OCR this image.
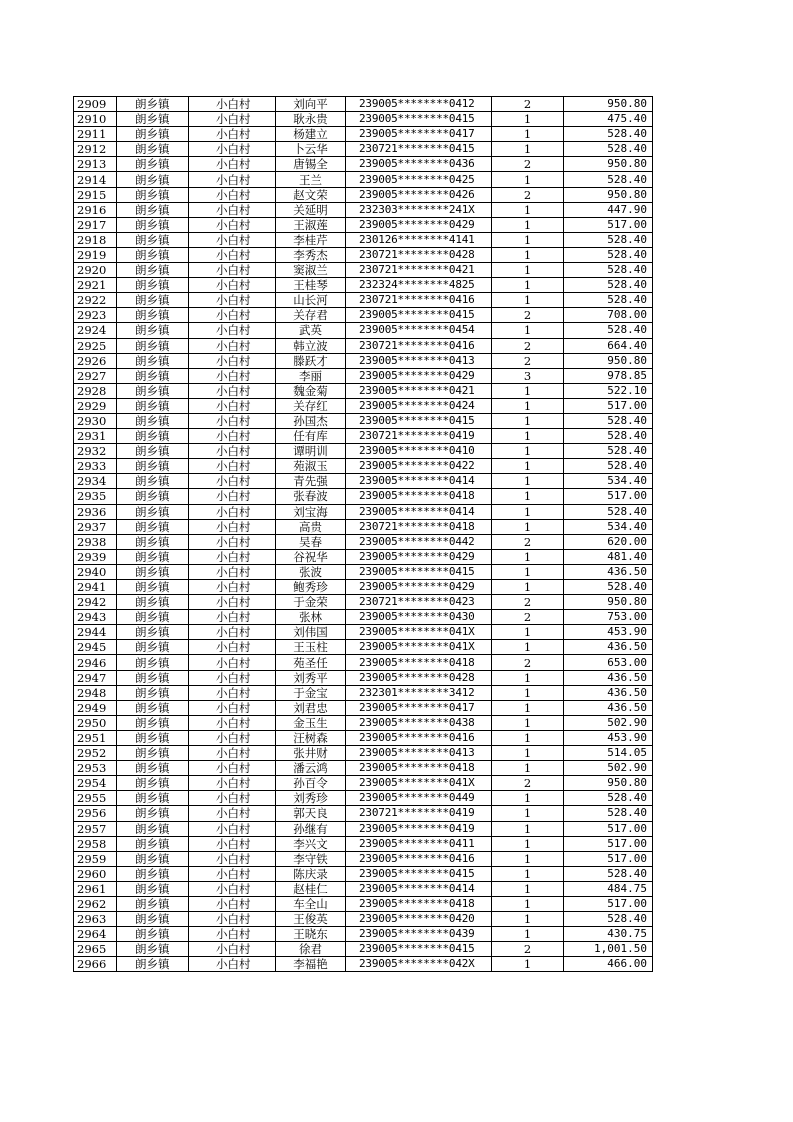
2909	朗乡镇	小白村	刘向平	239005********0412	2	950.80
2910	朗乡镇	小白村	耿永贵	239005********0415	1	475.40
2911	朗乡镇	小白村	杨建立	239005********0417	1	528.40
2912	朗乡镇	小白村	卜云华	230721********0415	1	528.40
2913	朗乡镇	小白村	唐锡全	239005********0436	2	950.80
2914	朗乡镇	小白村	王兰	239005********0425	1	528.40
2915	朗乡镇	小白村	赵文荣	239005********0426	2	950.80
2916	朗乡镇	小白村	关延明	232303********241X	1	447.90
2917	朗乡镇	小白村	王淑莲	239005********0429	1	517.00
2918	朗乡镇	小白村	李桂芹	230126********4141	1	528.40
2919	朗乡镇	小白村	李秀杰	230721********0428	1	528.40
2920	朗乡镇	小白村	窦淑兰	230721********0421	1	528.40
2921	朗乡镇	小白村	王桂琴	232324********4825	1	528.40
2922	朗乡镇	小白村	山长河	230721********0416	1	528.40
2923	朗乡镇	小白村	关存君	239005********0415	2	708.00
2924	朗乡镇	小白村	武英	239005********0454	1	528.40
2925	朗乡镇	小白村	韩立波	230721********0416	2	664.40
2926	朗乡镇	小白村	滕跃才	239005********0413	2	950.80
2927	朗乡镇	小白村	李丽	239005********0429	3	978.85
2928	朗乡镇	小白村	魏金菊	239005********0421	1	522.10
2929	朗乡镇	小白村	关存红	239005********0424	1	517.00
2930	朗乡镇	小白村	孙国杰	239005********0415	1	528.40
2931	朗乡镇	小白村	任有库	230721********0419	1	528.40
2932	朗乡镇	小白村	谭明训	239005********0410	1	528.40
2933	朗乡镇	小白村	苑淑玉	239005********0422	1	528.40
2934	朗乡镇	小白村	青先强	239005********0414	1	534.40
2935	朗乡镇	小白村	张春波	239005********0418	1	517.00
2936	朗乡镇	小白村	刘宝海	239005********0414	1	528.40
2937	朗乡镇	小白村	高贵	230721********0418	1	534.40
2938	朗乡镇	小白村	吴春	239005********0442	2	620.00
2939	朗乡镇	小白村	谷祝华	239005********0429	1	481.40
2940	朗乡镇	小白村	张波	239005********0415	1	436.50
2941	朗乡镇	小白村	鲍秀珍	239005********0429	1	528.40
2942	朗乡镇	小白村	于金荣	230721********0423	2	950.80
2943	朗乡镇	小白村	张林	239005********0430	2	753.00
2944	朗乡镇	小白村	刘伟国	239005********041X	1	453.90
2945	朗乡镇	小白村	王玉柱	239005********041X	1	436.50
2946	朗乡镇	小白村	苑圣任	239005********0418	2	653.00
2947	朗乡镇	小白村	刘秀平	239005********0428	1	436.50
2948	朗乡镇	小白村	于金宝	232301********3412	1	436.50
2949	朗乡镇	小白村	刘君忠	239005********0417	1	436.50
2950	朗乡镇	小白村	金玉生	239005********0438	1	502.90
2951	朗乡镇	小白村	汪树森	239005********0416	1	453.90
2952	朗乡镇	小白村	张井财	239005********0413	1	514.05
2953	朗乡镇	小白村	潘云鸿	239005********0418	1	502.90
2954	朗乡镇	小白村	孙百令	239005********041X	2	950.80
2955	朗乡镇	小白村	刘秀珍	239005********0449	1	528.40
2956	朗乡镇	小白村	郭天良	230721********0419	1	528.40
2957	朗乡镇	小白村	孙继有	239005********0419	1	517.00
2958	朗乡镇	小白村	李兴文	239005********0411	1	517.00
2959	朗乡镇	小白村	李守铁	239005********0416	1	517.00
2960	朗乡镇	小白村	陈庆录	239005********0415	1	528.40
2961	朗乡镇	小白村	赵桂仁	239005********0414	1	484.75
2962	朗乡镇	小白村	车全山	239005********0418	1	517.00
2963	朗乡镇	小白村	王俊英	239005********0420	1	528.40
2964	朗乡镇	小白村	王晓东	239005********0439	1	430.75
2965	朗乡镇	小白村	徐君	239005********0415	2	1,001.50
2966	朗乡镇	小白村	李福艳	239005********042X	1	466.00
